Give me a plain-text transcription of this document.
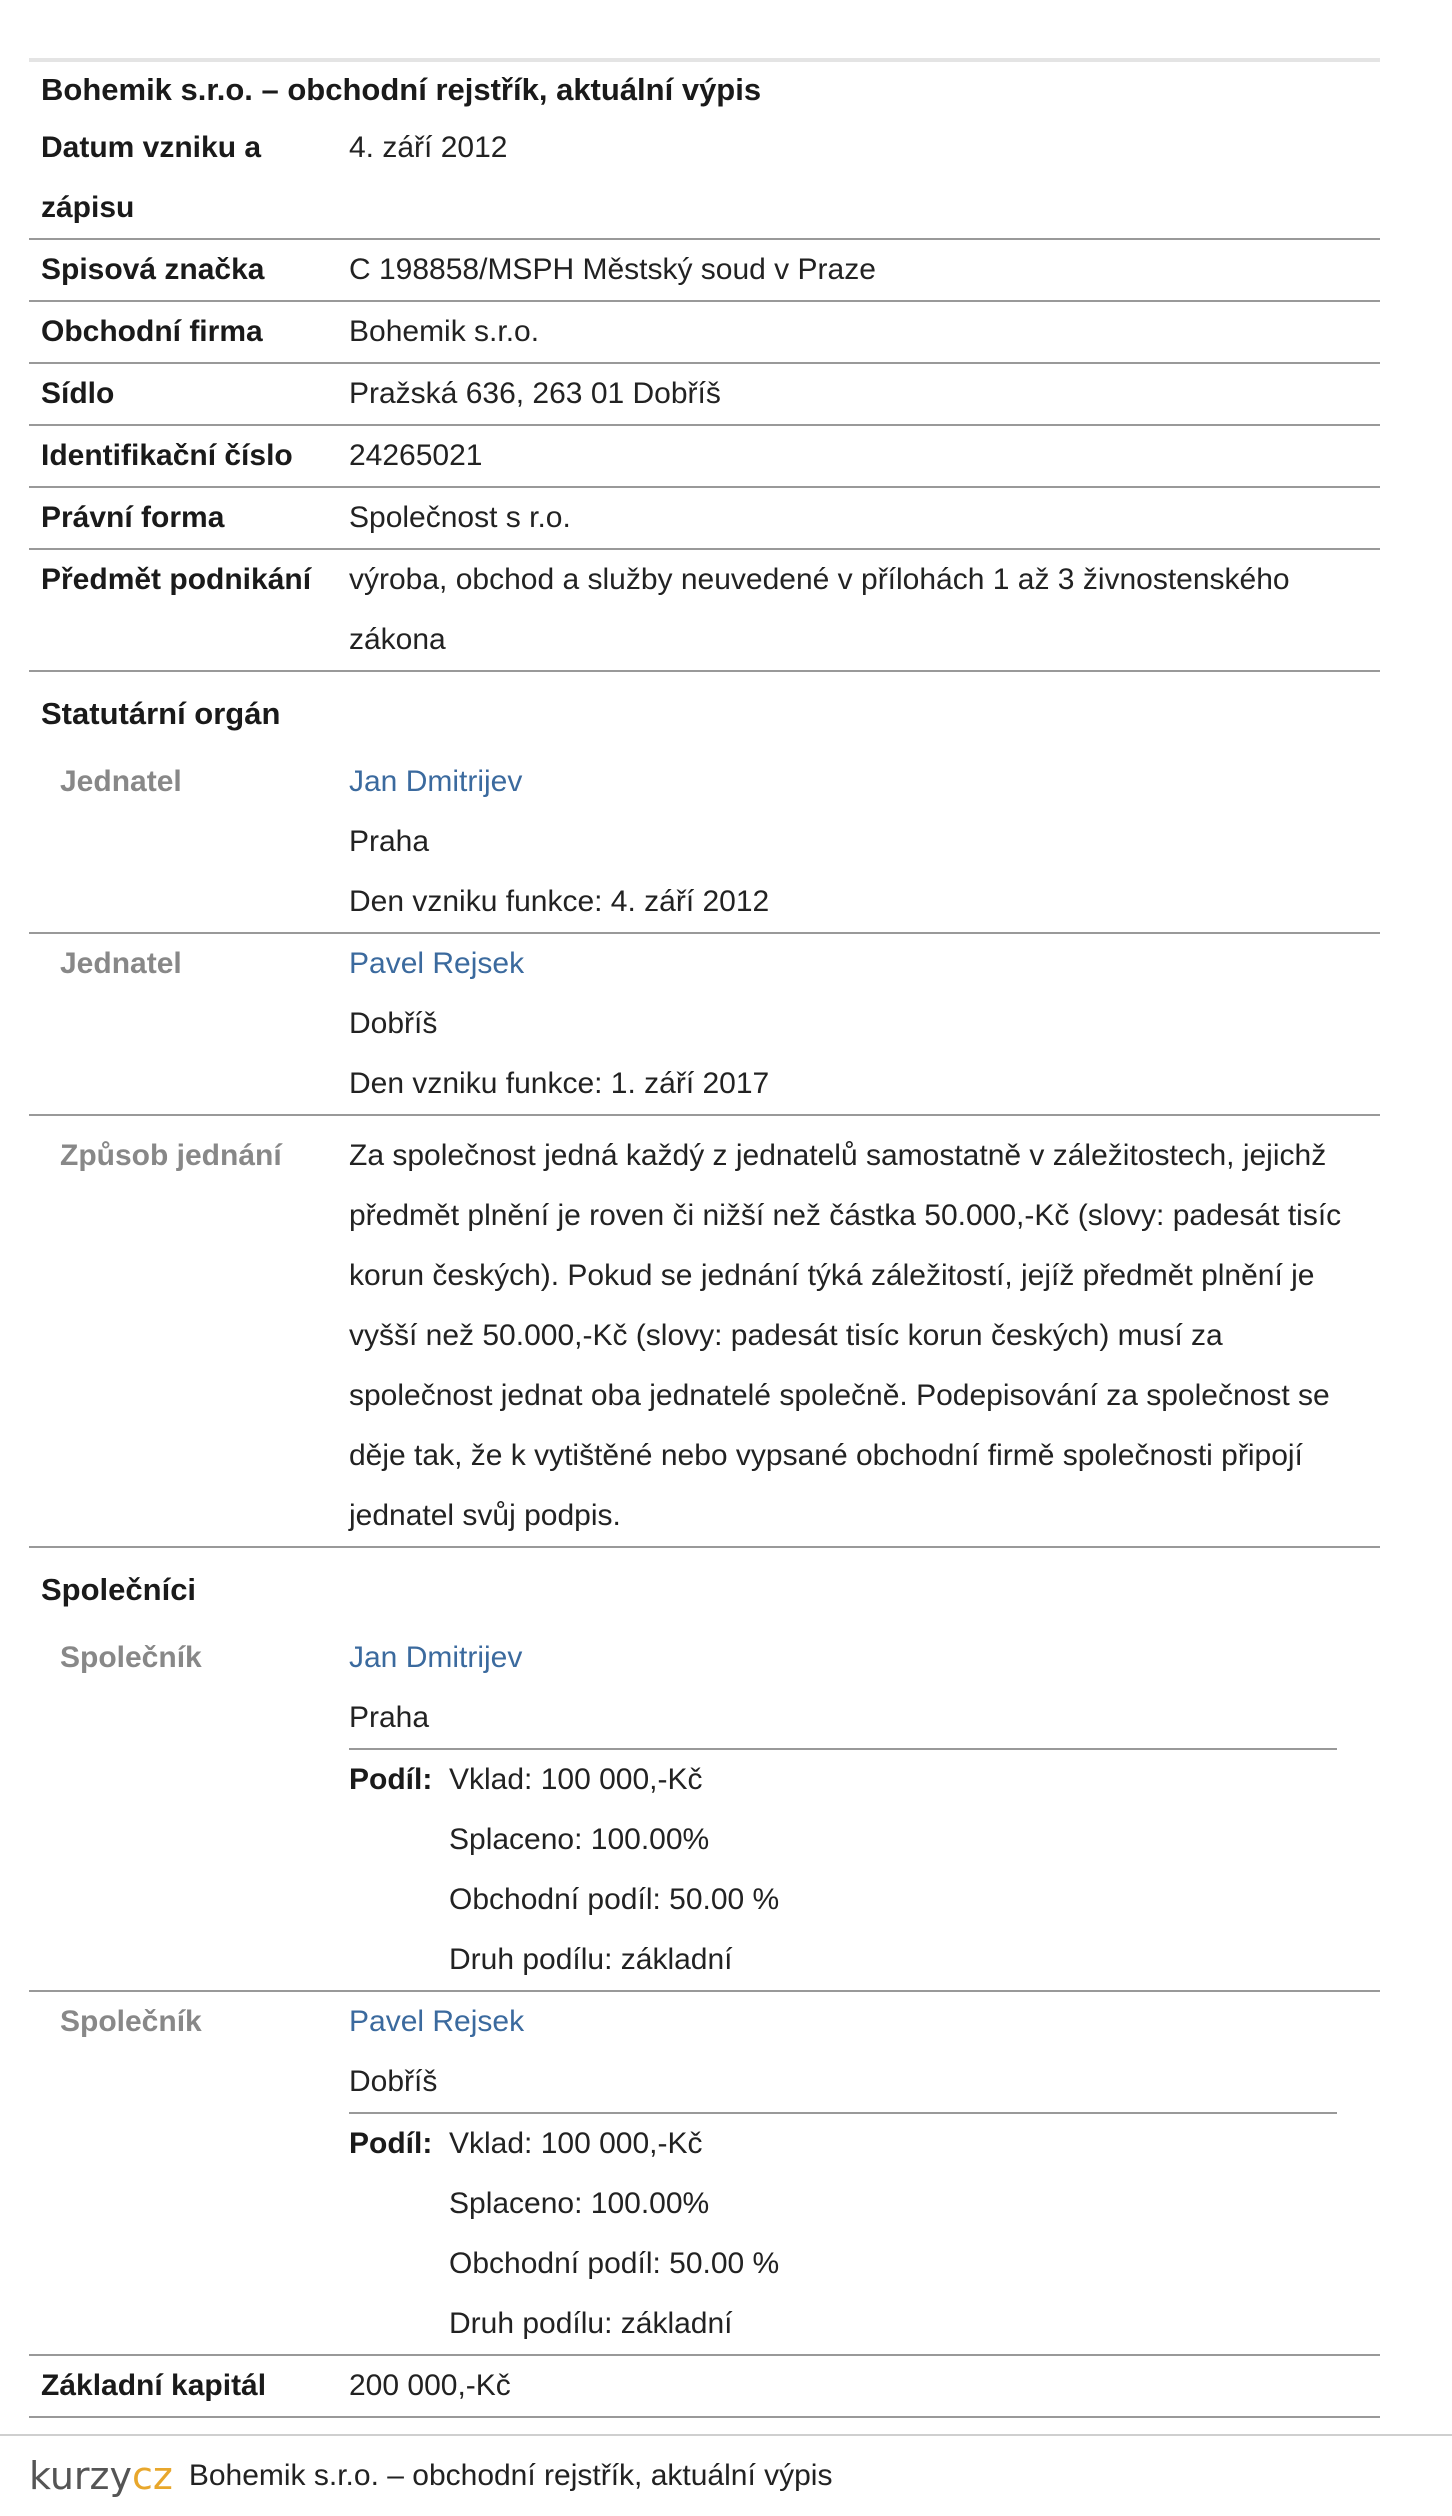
Bohemik s.r.o. – obchodní rejstřík, aktuální výpis
Datum vzniku a
zápisu
4. září 2012
Spisová značka	C 198858/MSPH Městský soud v Praze
Obchodní firma	Bohemik s.r.o.
Sídlo	Pražská 636, 263 01 Dobříš
Identifikační číslo	24265021
Právní forma	Společnost s r.o.
Předmět podnikání	výroba, obchod a služby neuvedené v přílohách 1 až 3 živnostenského
zákona
Statutární orgán
Jednatel	Jan Dmitrijev
Praha
Den vzniku funkce: 4. září 2012
Jednatel	Pavel Rejsek
Dobříš
Den vzniku funkce: 1. září 2017
Způsob jednání	Za společnost jedná každý z jednatelů samostatně v záležitostech, jejichž
předmět plnění je roven či nižší než částka 50.000,-Kč (slovy: padesát tisíc
korun českých). Pokud se jednání týká záležitostí, jejíž předmět plnění je
vyšší než 50.000,-Kč (slovy: padesát tisíc korun českých) musí za
společnost jednat oba jednatelé společně. Podepisování za společnost se
děje tak, že k vytištěné nebo vypsané obchodní firmě společnosti připojí
jednatel svůj podpis.
Společníci
Společník	Jan Dmitrijev
Praha
Podíl: Vklad: 100 000,-Kč
Splaceno: 100.00%
Obchodní podíl: 50.00 %
Druh podílu: základní
Společník	Pavel Rejsek
Dobříš
Podíl: Vklad: 100 000,-Kč
Splaceno: 100.00%
Obchodní podíl: 50.00 %
Druh podílu: základní
Základní kapitál	200 000,-Kč
kurzycz Bohemik s.r.o. – obchodní rejstřík, aktuální výpis
